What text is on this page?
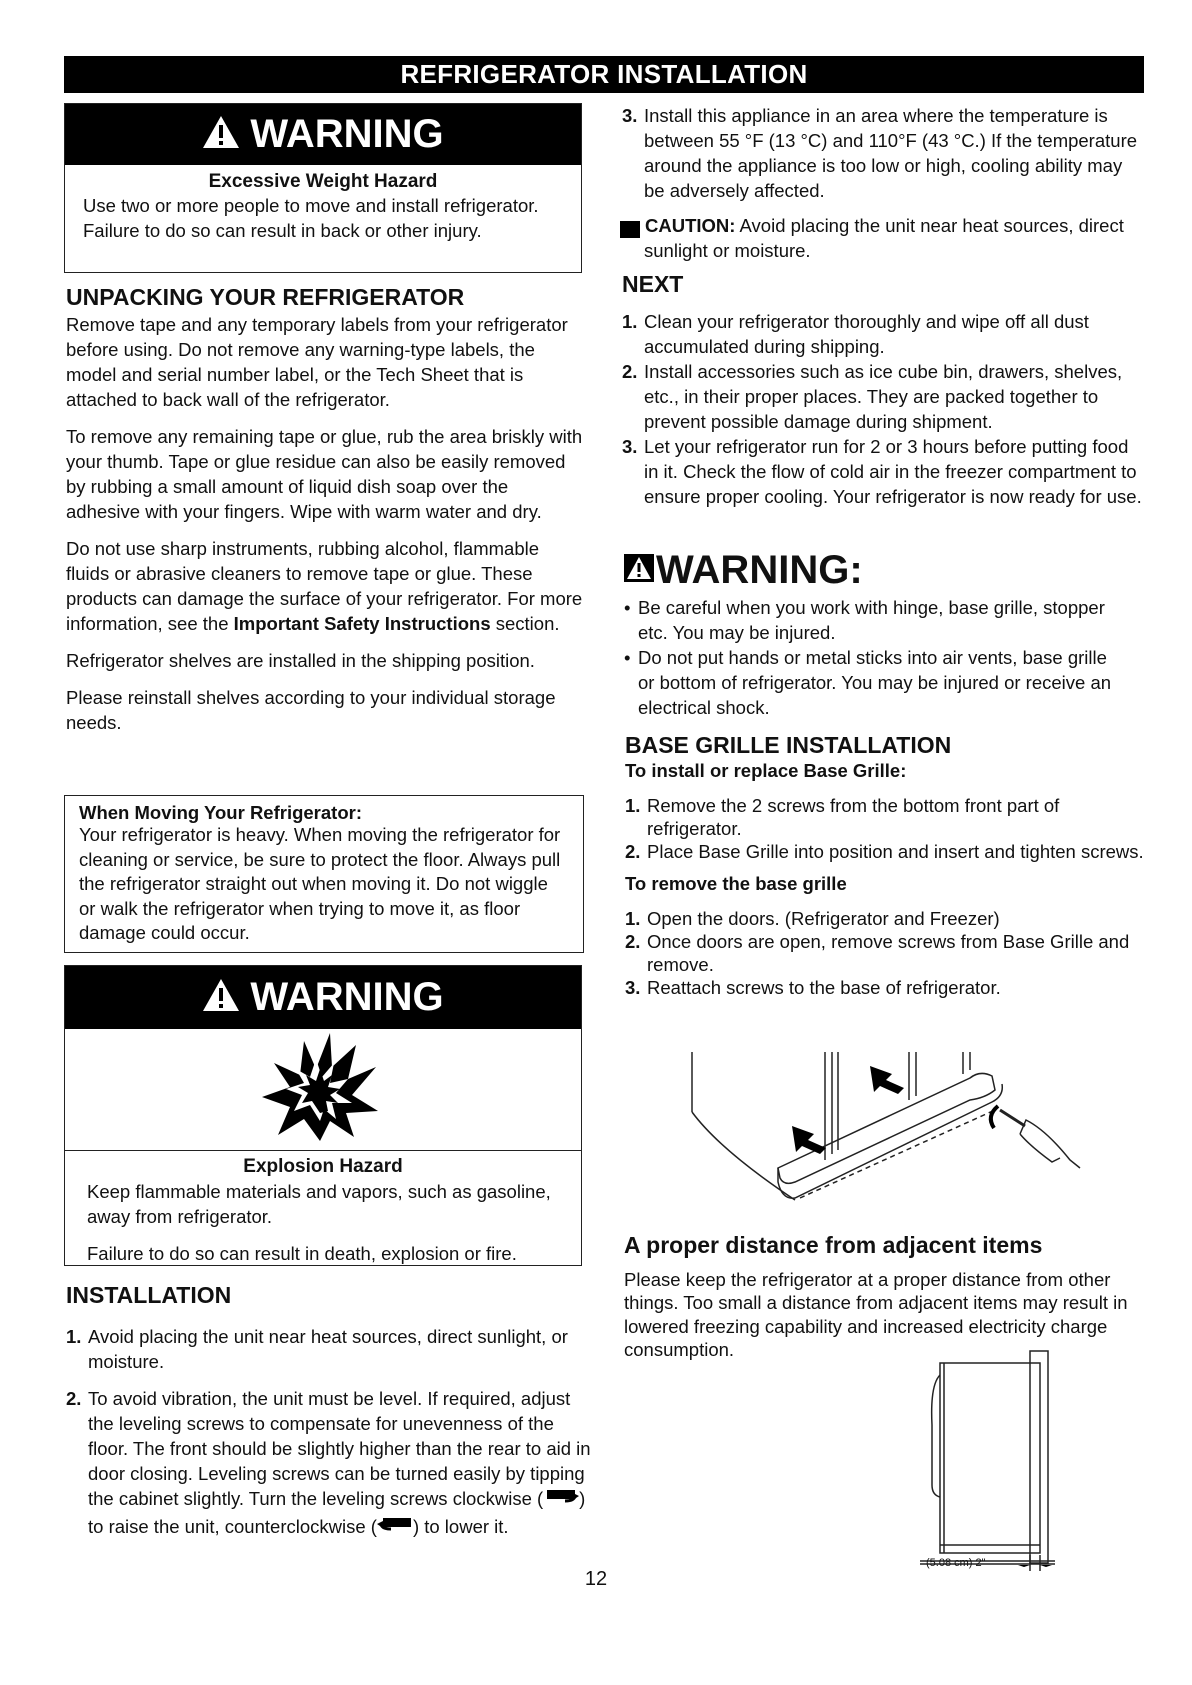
REFRIGERATOR INSTALLATION
WARNING
Excessive Weight Hazard
Use two or more people to move and install refrigerator.
Failure to do so can result in back or other injury.
UNPACKING YOUR REFRIGERATOR

Remove tape and any temporary labels from your refrigerator before using. Do not remove any warning-type labels, the model and serial number label, or the Tech Sheet that is attached to back wall of the refrigerator.

To remove any remaining tape or glue, rub the area briskly with your thumb. Tape or glue residue can also be easily removed by rubbing a small amount of liquid dish soap over the adhesive with your fingers. Wipe with warm water and dry.

Do not use sharp instruments, rubbing alcohol, flammable fluids or abrasive cleaners to remove tape or glue. These products can damage the surface of your refrigerator. For more information, see the Important Safety Instructions section.

Refrigerator shelves are installed in the shipping position.

Please reinstall shelves according to your individual storage needs.

When Moving Your Refrigerator:
Your refrigerator is heavy. When moving the refrigerator for cleaning or service, be sure to protect the floor. Always pull the refrigerator straight out when moving it. Do not wiggle or walk the refrigerator when trying to move it, as floor damage could occur.
WARNING
Explosion Hazard
Keep flammable materials and vapors, such as gasoline, away from refrigerator.
Failure to do so can result in death, explosion or fire.
INSTALLATION
1. Avoid placing the unit near heat sources, direct sunlight, or moisture.
2. To avoid vibration, the unit must be level. If required, adjust the leveling screws to compensate for unevenness of the floor. The front should be slightly higher than the rear to aid in door closing. Leveling screws can be turned easily by tipping the cabinet slightly. Turn the leveling screws clockwise ( ) to raise the unit, counterclockwise ( ) to lower it.
3. Install this appliance in an area where the temperature is between 55 °F (13 °C) and 110°F (43 °C.) If the temperature around the appliance is too low or high, cooling ability may be adversely affected.
! CAUTION: Avoid placing the unit near heat sources, direct sunlight or moisture.
NEXT
1. Clean your refrigerator thoroughly and wipe off all dust accumulated during shipping.
2. Install accessories such as ice cube bin, drawers, shelves, etc., in their proper places. They are packed together to prevent possible damage during shipment.
3. Let your refrigerator run for 2 or 3 hours before putting food in it. Check the flow of cold air in the freezer compartment to ensure proper cooling. Your refrigerator is now ready for use.
WARNING:
• Be careful when you work with hinge, base grille, stopper etc. You may be injured.
• Do not put hands or metal sticks into air vents, base grille or bottom of refrigerator. You may be injured or receive an electrical shock.
BASE GRILLE INSTALLATION
To install or replace Base Grille:
1. Remove the 2 screws from the bottom front part of refrigerator.
2. Place Base Grille into position and insert and tighten screws.
To remove the base grille
1. Open the doors. (Refrigerator and Freezer)
2. Once doors are open, remove screws from Base Grille and remove.
3. Reattach screws to the base of refrigerator.
A proper distance from adjacent items
Please keep the refrigerator at a proper distance from other things. Too small a distance from adjacent items may result in lowered freezing capability and increased electricity charge consumption.
(5.08 cm) 2"
12
